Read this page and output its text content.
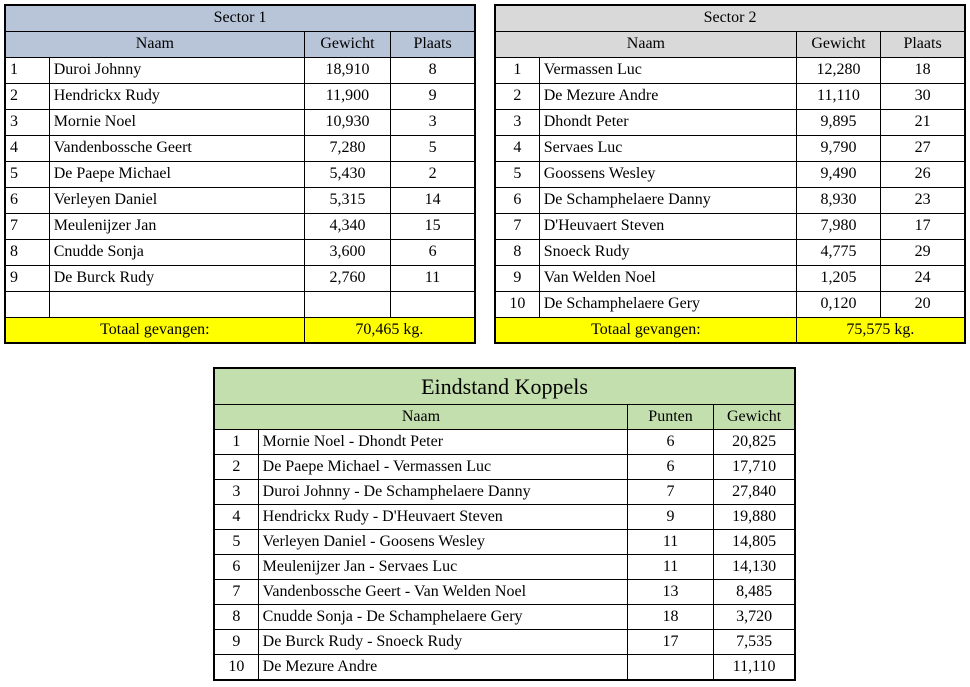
Sector 1			
Naam		Gewicht	Plaats
1	Duroi Johnny	18,910	8
2	Hendrickx Rudy	11,900	9
3	Mornie Noel	10,930	3
4	Vandenbossche Geert	7,280	5
5	De Paepe Michael	5,430	2
6	Verleyen Daniel	5,315	14
7	Meulenijzer Jan	4,340	15
8	Cnudde Sonja	3,600	6
9	De Burck Rudy	2,760	11

Totaal gevangen:		70,465 kg.	
Sector 2			
Naam		Gewicht	Plaats
1	Vermassen Luc	12,280	18
2	De Mezure Andre	11,110	30
3	Dhondt Peter	9,895	21
4	Servaes Luc	9,790	27
5	Goossens Wesley	9,490	26
6	De Schamphelaere Danny	8,930	23
7	D'Heuvaert Steven	7,980	17
8	Snoeck Rudy	4,775	29
9	Van Welden Noel	1,205	24
10	De Schamphelaere Gery	0,120	20
Totaal gevangen:		75,575 kg.	
Eindstand Koppels			
Naam		Punten	Gewicht
1	Mornie Noel - Dhondt Peter	6	20,825
2	De Paepe Michael - Vermassen Luc	6	17,710
3	Duroi Johnny - De Schamphelaere Danny	7	27,840
4	Hendrickx Rudy - D'Heuvaert Steven	9	19,880
5	Verleyen Daniel - Goosens Wesley	11	14,805
6	Meulenijzer Jan - Servaes Luc	11	14,130
7	Vandenbossche Geert - Van Welden Noel	13	8,485
8	Cnudde Sonja - De Schamphelaere Gery	18	3,720
9	De Burck Rudy - Snoeck Rudy	17	7,535
10	De Mezure Andre		11,110
